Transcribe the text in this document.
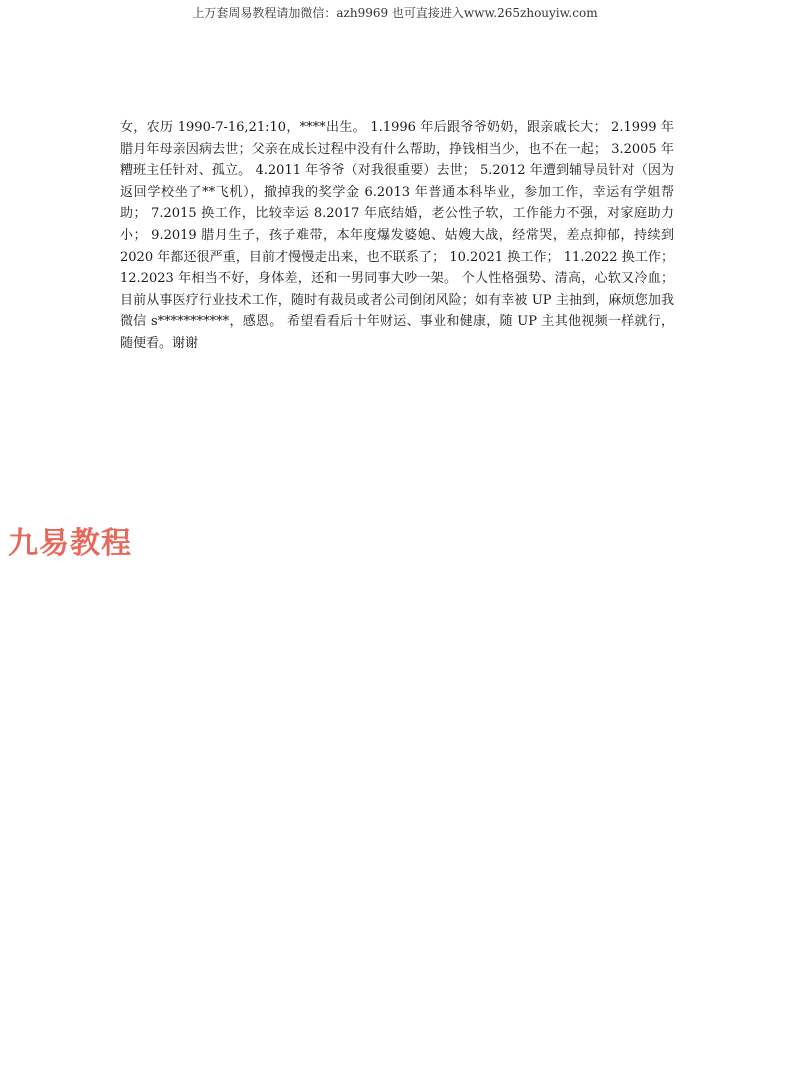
上万套周易教程请加微信：azh9969 也可直接进入www.265zhouyiw.com
女，农历 1990-7-16,21:10，****出生。 1.1996 年后跟爷爷奶奶，跟亲戚长大； 2.1999 年腊月年母亲因病去世；父亲在成长过程中没有什么帮助，挣钱相当少，也不在一起； 3.2005 年糟班主任针对、孤立。 4.2011 年爷爷（对我很重要）去世； 5.2012 年遭到辅导员针对（因为返回学校坐了**飞机），撤掉我的奖学金 6.2013 年普通本科毕业，参加工作，幸运有学姐帮助； 7.2015 换工作，比较幸运 8.2017 年底结婚，老公性子软，工作能力不强，对家庭助力小； 9.2019 腊月生子，孩子难带，本年度爆发婆媳、姑嫂大战，经常哭，差点抑郁，持续到 2020 年都还很严重，目前才慢慢走出来，也不联系了； 10.2021 换工作； 11.2022 换工作； 12.2023 年相当不好，身体差，还和一男同事大吵一架。 个人性格强势、清高，心软又冷血；目前从事医疗行业技术工作，随时有裁员或者公司倒闭风险；如有幸被 UP 主抽到，麻烦您加我微信 s***********，感恩。 希望看看后十年财运、事业和健康，随 UP 主其他视频一样就行，随便看。谢谢
九易教程
